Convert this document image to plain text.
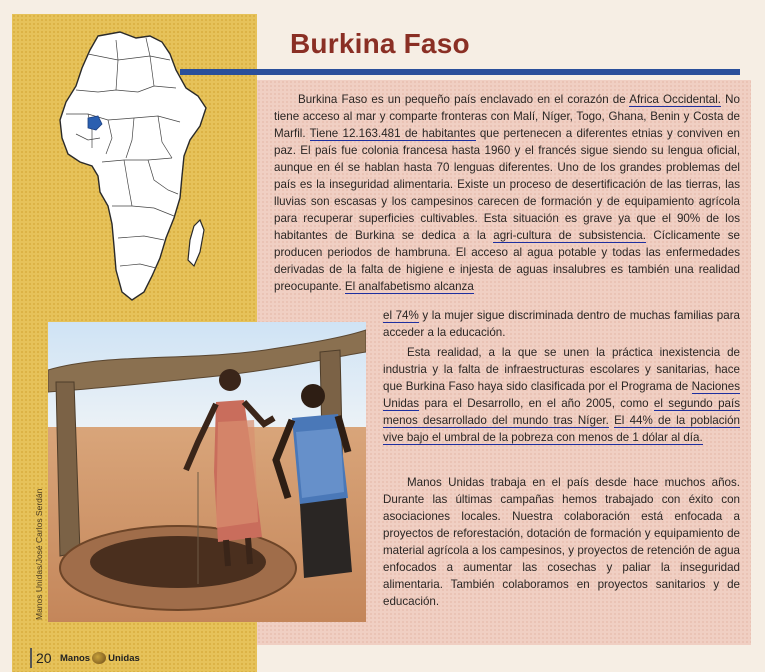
Burkina Faso
Burkina Faso es un pequeño país enclavado en el corazón de Africa Occidental. No tiene acceso al mar y comparte fronteras con Malí, Níger, Togo, Ghana, Benin y Costa de Marfil. Tiene 12.163.481 de habitantes que pertenecen a diferentes etnias y conviven en paz. El país fue colonia francesa hasta 1960 y el francés sigue siendo su lengua oficial, aunque en él se hablan hasta 70 lenguas diferentes. Uno de los grandes problemas del país es la inseguridad alimentaria. Existe un proceso de desertificación de las tierras, las lluvias son escasas y los campesinos carecen de formación y de equipamiento agrícola para recuperar superficies cultivables. Esta situación es grave ya que el 90% de los habitantes de Burkina se dedica a la agri-cultura de subsistencia. Cíclicamente se producen periodos de hambruna. El acceso al agua potable y todas las enfermedades derivadas de la falta de higiene e injesta de aguas insalubres es también una realidad preocupante. El analfabetismo alcanza
el 74% y la mujer sigue discriminada dentro de muchas familias para acceder a la educación.
Esta realidad, a la que se unen la práctica inexistencia de industria y la falta de infraestructuras escolares y sanitarias, hace que Burkina Faso haya sido clasificada por el Programa de Naciones Unidas para el Desarrollo, en el año 2005, como el segundo país menos desarrollado del mundo tras Níger. El 44% de la población vive bajo el umbral de la pobreza con menos de 1 dólar al día.
Manos Unidas trabaja en el país desde hace muchos años. Durante las últimas campañas hemos trabajado con éxito con asociaciones locales. Nuestra colaboración está enfocada a proyectos de reforestación, dotación de formación y equipamiento de material agrícola a los campesinos, y proyectos de retención de agua enfocados a aumentar las cosechas y paliar la inseguridad alimentaria. También colaboramos en proyectos sanitarios y de educación.
20 Manos Unidas
